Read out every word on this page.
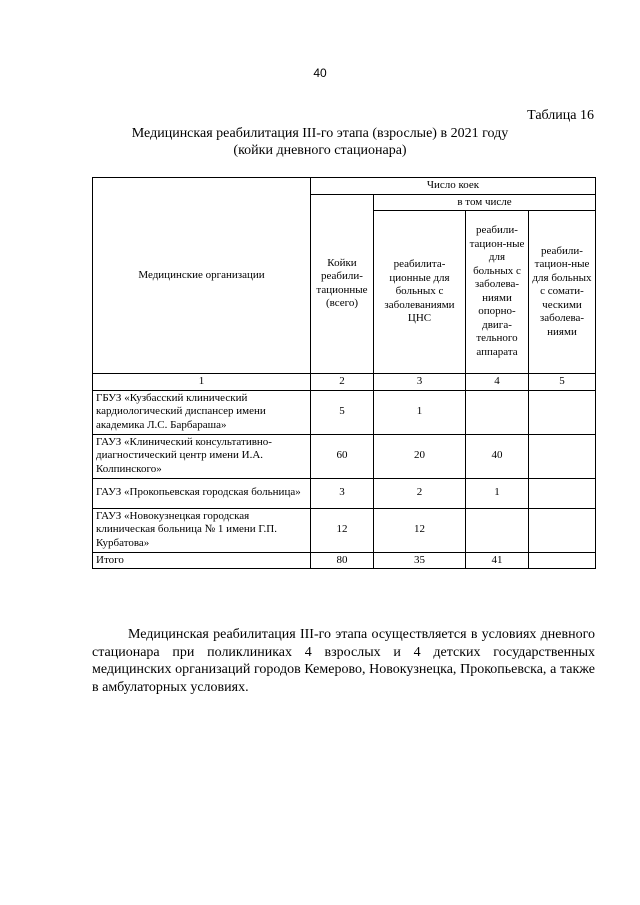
40
Таблица 16
Медицинская реабилитация III-го этапа (взрослые) в 2021 году
(койки дневного стационара)
Медицинские организации	Число коек			
	Койки реабили-тационные (всего)	в том числе		
		реабилита-ционные для больных с заболеваниями ЦНС	реабили-тацион-ные для больных с заболева-ниями опорно-двига-тельного аппарата	реабили-тацион-ные для больных с сомати-ческими заболева-ниями
1	2	3	4	5
ГБУЗ «Кузбасский клинический кардиологический диспансер имени академика Л.С. Барбараша»	5	1		
ГАУЗ «Клинический консультативно-диагностический центр имени И.А. Колпинского»	60	20	40	
ГАУЗ «Прокопьевская городская больница»	3	2	1	
ГАУЗ «Новокузнецкая городская клиническая больница № 1 имени Г.П. Курбатова»	12	12		
Итого	80	35	41	
Медицинская реабилитация III-го этапа осуществляется в условиях дневного стационара при поликлиниках 4 взрослых и 4 детских государственных медицинских организаций городов Кемерово, Новокузнецка, Прокопьевска, а также в амбулаторных условиях.
